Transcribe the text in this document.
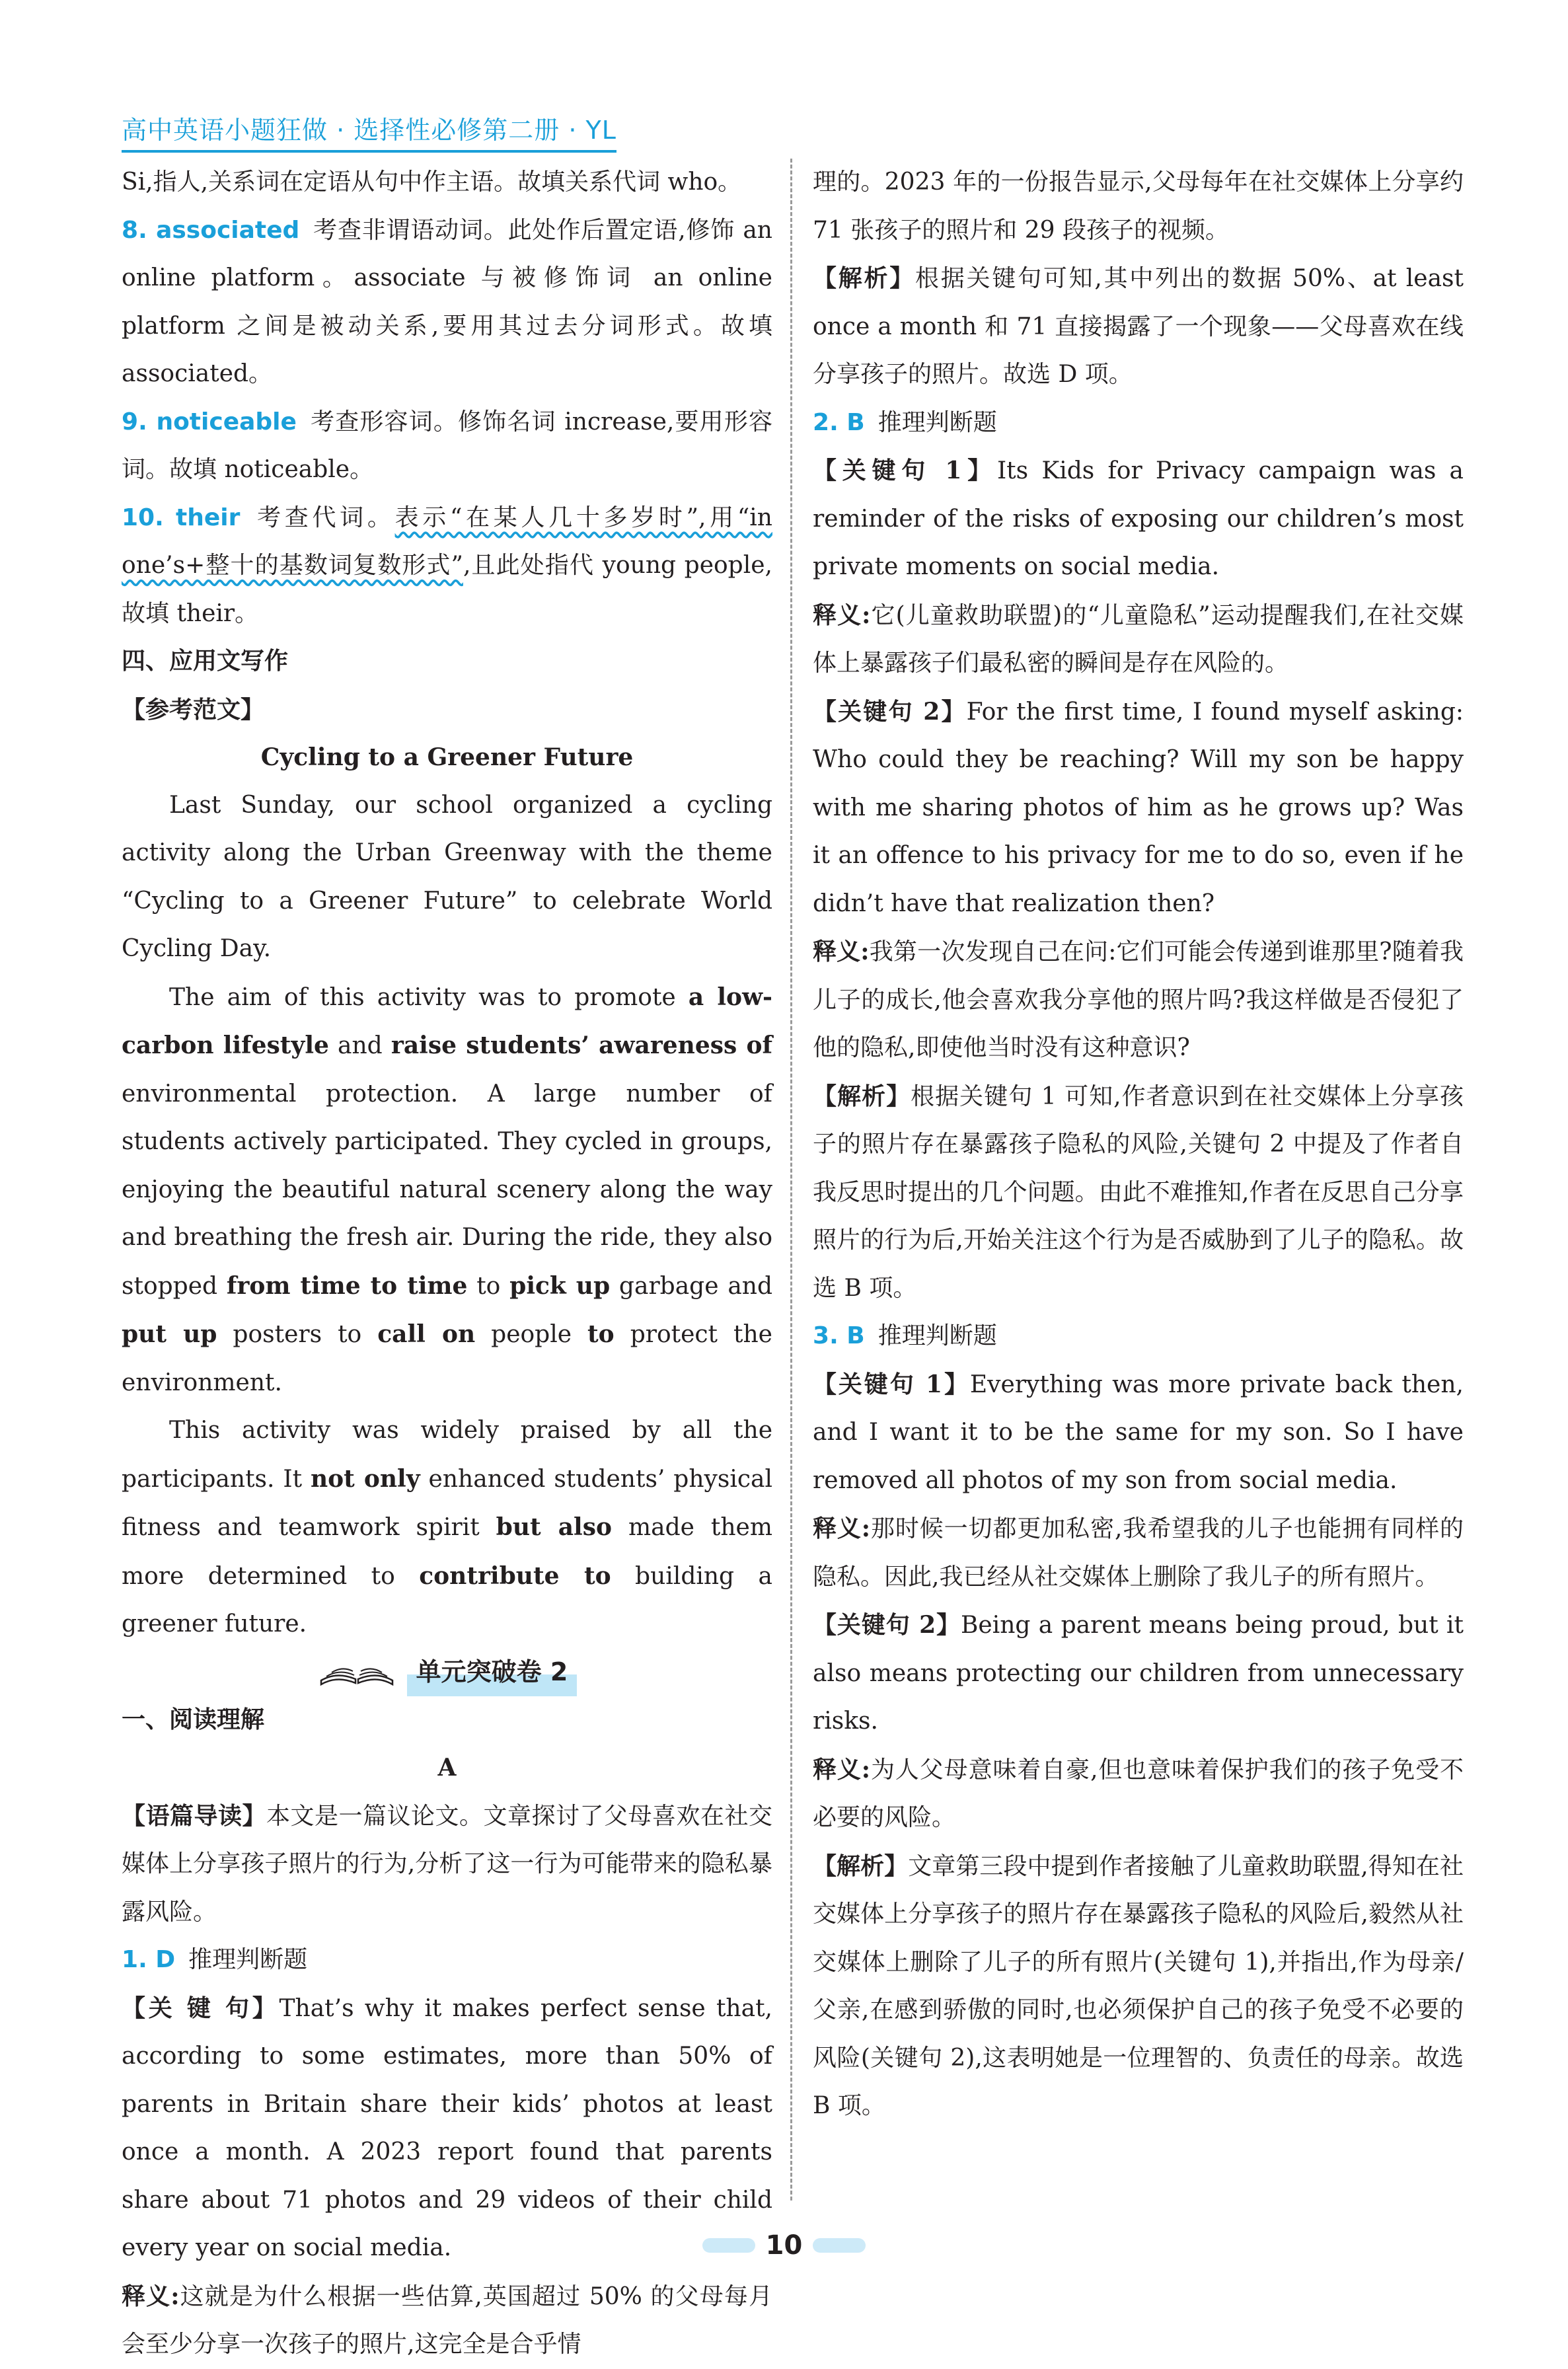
高中英语小题狂做 · 选择性必修第二册 · YL

Si,指人,关系词在定语从句中作主语。故填关系代词 who。

8. associated 考查非谓语动词。此处作后置定语,修饰 an online platform。associate 与被修饰词 an online platform 之间是被动关系,要用其过去分词形式。故填 associated。

9. noticeable 考查形容词。修饰名词 increase,要用形容词。故填 noticeable。

10. their 考查代词。表示“在某人几十多岁时”,用“in one’s+整十的基数词复数形式”,且此处指代 young people,故填 their。

四、应用文写作

【参考范文】

Cycling to a Greener Future

Last Sunday, our school organized a cycling activity along the Urban Greenway with the theme “Cycling to a Greener Future” to celebrate World Cycling Day.

The aim of this activity was to promote a low-carbon lifestyle and raise students’ awareness of environmental protection. A large number of students actively participated. They cycled in groups, enjoying the beautiful natural scenery along the way and breathing the fresh air. During the ride, they also stopped from time to time to pick up garbage and put up posters to call on people to protect the environment.

This activity was widely praised by all the participants. It not only enhanced students’ physical fitness and teamwork spirit but also made them more determined to contribute to building a greener future.

单元突破卷 2

一、阅读理解

A

【语篇导读】本文是一篇议论文。文章探讨了父母喜欢在社交媒体上分享孩子照片的行为,分析了这一行为可能带来的隐私暴露风险。

1. D 推理判断题

【关 键 句】That’s why it makes perfect sense that, according to some estimates, more than 50% of parents in Britain share their kids’ photos at least once a month. A 2023 report found that parents share about 71 photos and 29 videos of their child every year on social media.

释义:这就是为什么根据一些估算,英国超过 50% 的父母每月会至少分享一次孩子的照片,这完全是合乎情

理的。2023 年的一份报告显示,父母每年在社交媒体上分享约 71 张孩子的照片和 29 段孩子的视频。

【解析】根据关键句可知,其中列出的数据 50%、at least once a month 和 71 直接揭露了一个现象——父母喜欢在线分享孩子的照片。故选 D 项。

2. B 推理判断题

【关键句 1】Its Kids for Privacy campaign was a reminder of the risks of exposing our children’s most private moments on social media.

释义:它(儿童救助联盟)的“儿童隐私”运动提醒我们,在社交媒体上暴露孩子们最私密的瞬间是存在风险的。

【关键句 2】For the first time, I found myself asking: Who could they be reaching? Will my son be happy with me sharing photos of him as he grows up? Was it an offence to his privacy for me to do so, even if he didn’t have that realization then?

释义:我第一次发现自己在问:它们可能会传递到谁那里?随着我儿子的成长,他会喜欢我分享他的照片吗?我这样做是否侵犯了他的隐私,即使他当时没有这种意识?

【解析】根据关键句 1 可知,作者意识到在社交媒体上分享孩子的照片存在暴露孩子隐私的风险,关键句 2 中提及了作者自我反思时提出的几个问题。由此不难推知,作者在反思自己分享照片的行为后,开始关注这个行为是否威胁到了儿子的隐私。故选 B 项。

3. B 推理判断题

【关键句 1】Everything was more private back then, and I want it to be the same for my son. So I have removed all photos of my son from social media.

释义:那时候一切都更加私密,我希望我的儿子也能拥有同样的隐私。因此,我已经从社交媒体上删除了我儿子的所有照片。

【关键句 2】Being a parent means being proud, but it also means protecting our children from unnecessary risks.

释义:为人父母意味着自豪,但也意味着保护我们的孩子免受不必要的风险。

【解析】文章第三段中提到作者接触了儿童救助联盟,得知在社交媒体上分享孩子的照片存在暴露孩子隐私的风险后,毅然从社交媒体上删除了儿子的所有照片(关键句 1),并指出,作为母亲/父亲,在感到骄傲的同时,也必须保护自己的孩子免受不必要的风险(关键句 2),这表明她是一位理智的、负责任的母亲。故选 B 项。

10
